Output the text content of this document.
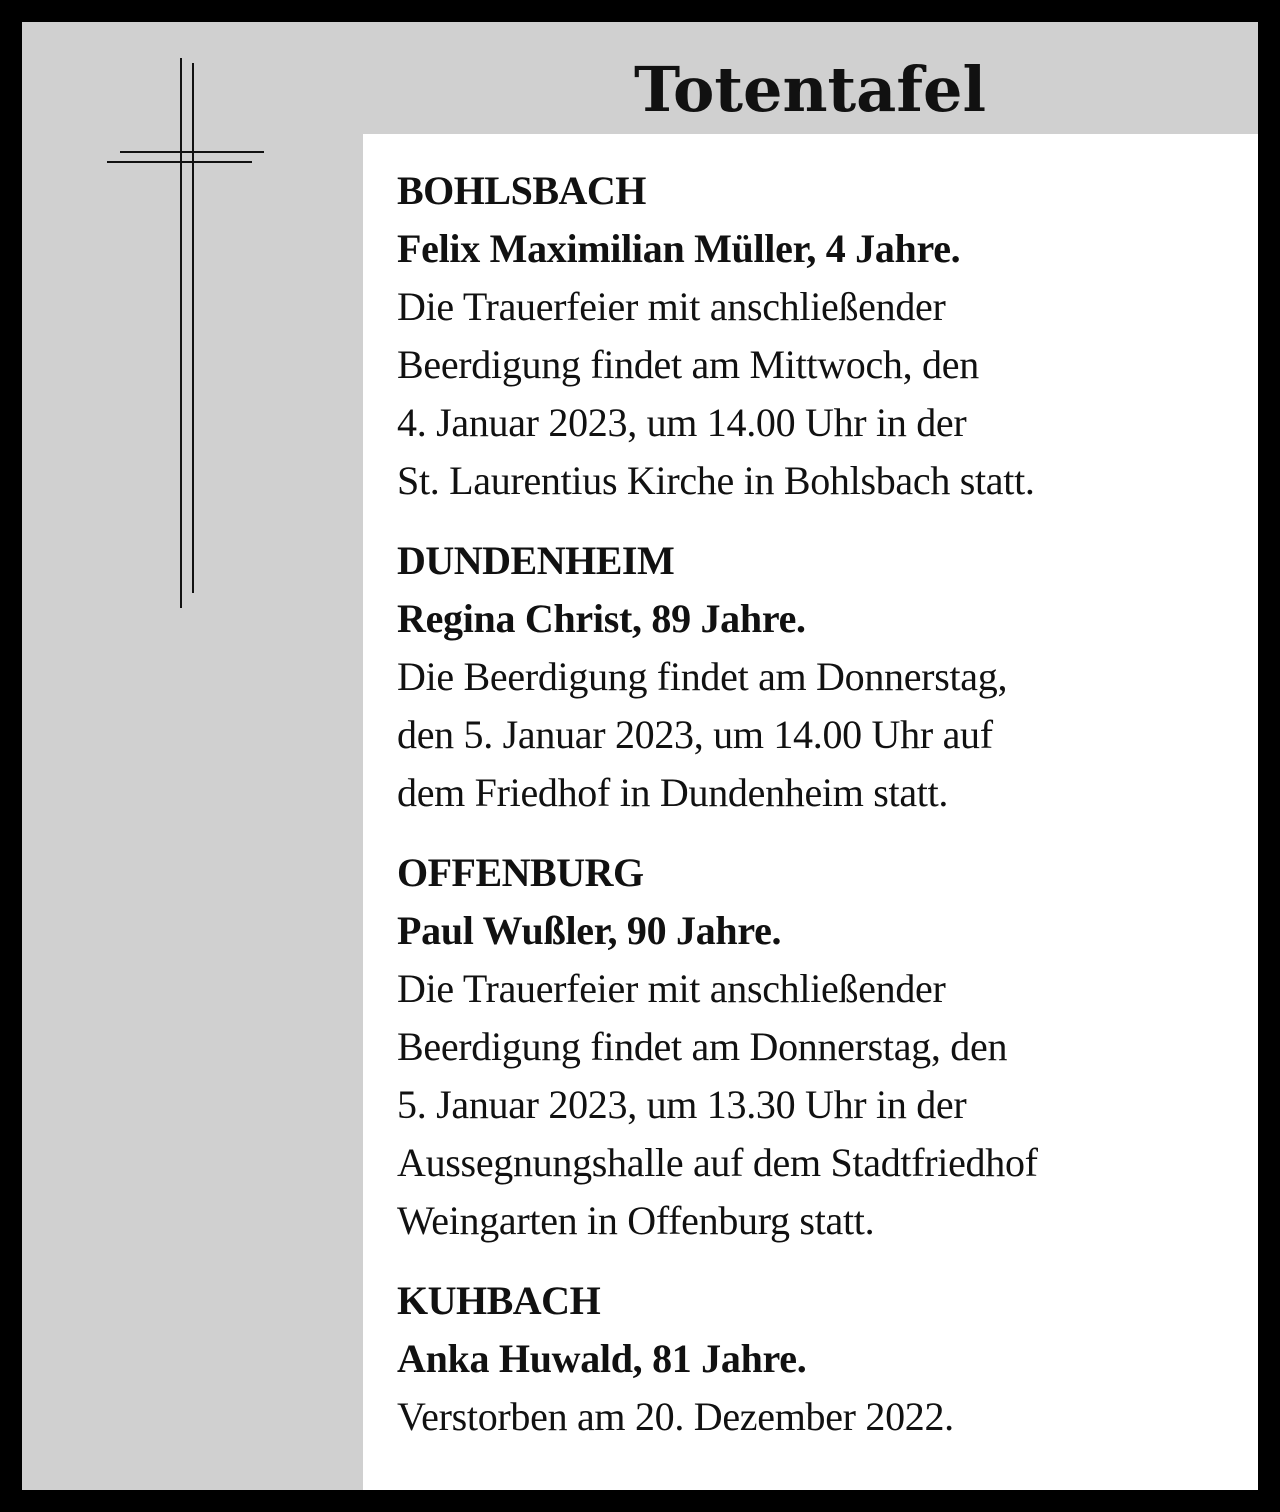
Totentafel
BOHLSBACH
Felix Maximilian Müller, 4 Jahre.
Die Trauerfeier mit anschließender
Beerdigung findet am Mittwoch, den
4. Januar 2023, um 14.00 Uhr in der
St. Laurentius Kirche in Bohlsbach statt.
DUNDENHEIM
Regina Christ, 89 Jahre.
Die Beerdigung findet am Donnerstag,
den 5. Januar 2023, um 14.00 Uhr auf
dem Friedhof in Dundenheim statt.
OFFENBURG
Paul Wußler, 90 Jahre.
Die Trauerfeier mit anschließender
Beerdigung findet am Donnerstag, den
5. Januar 2023, um 13.30 Uhr in der
Aussegnungshalle auf dem Stadtfriedhof
Weingarten in Offenburg statt.
KUHBACH
Anka Huwald, 81 Jahre.
Verstorben am 20. Dezember 2022.
